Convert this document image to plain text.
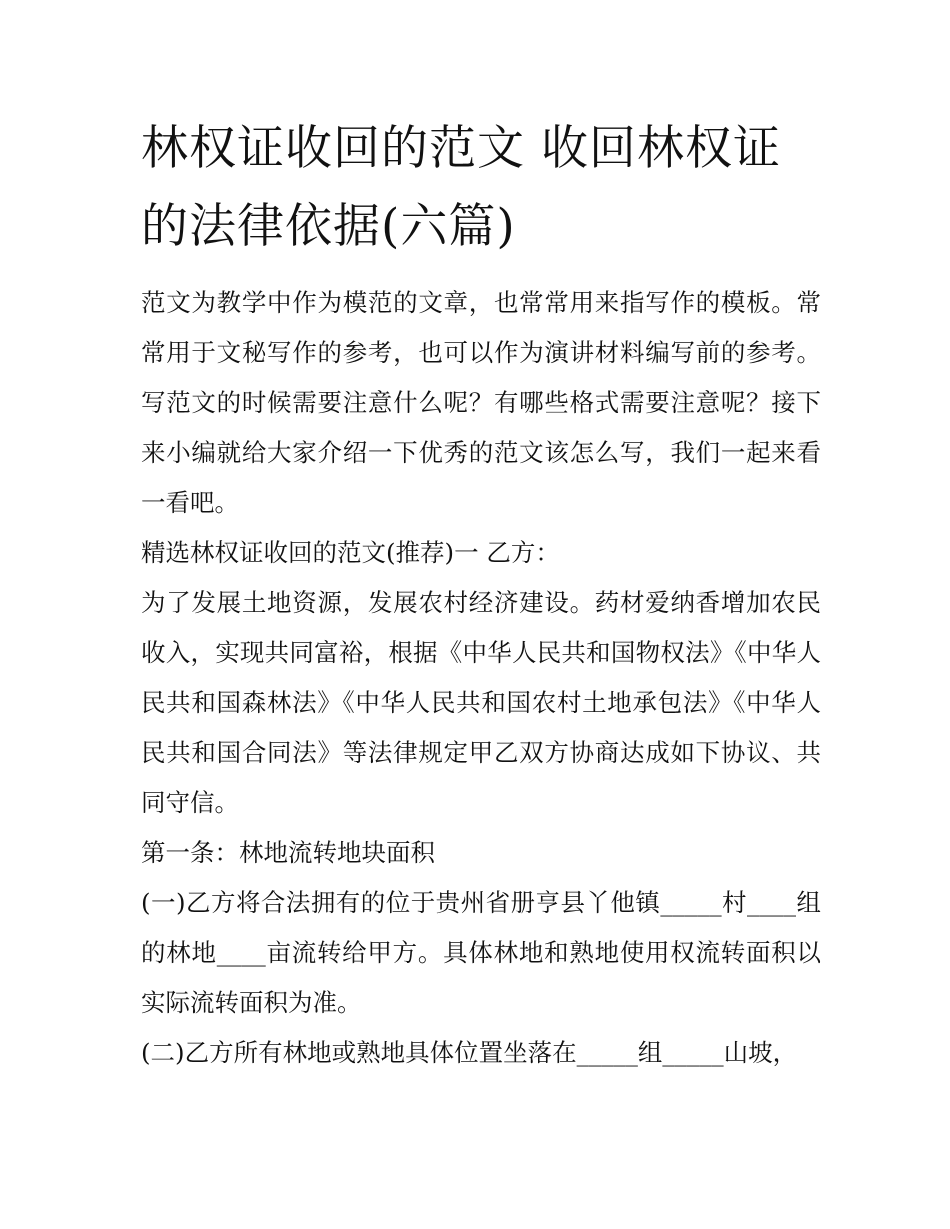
林权证收回的范文 收回林权证的法律依据(六篇)

范文为教学中作为模范的文章，也常常用来指写作的模板。常常用于文秘写作的参考，也可以作为演讲材料编写前的参考。写范文的时候需要注意什么呢？有哪些格式需要注意呢？接下来小编就给大家介绍一下优秀的范文该怎么写，我们一起来看一看吧。

精选林权证收回的范文(推荐)一 乙方：

为了发展土地资源，发展农村经济建设。药材爱纳香增加农民收入，实现共同富裕，根据《中华人民共和国物权法》《中华人民共和国森林法》《中华人民共和国农村土地承包法》《中华人民共和国合同法》等法律规定甲乙双方协商达成如下协议、共同守信。

第一条：林地流转地块面积

(一)乙方将合法拥有的位于贵州省册亨县丫他镇_____村____组的林地____亩流转给甲方。具体林地和熟地使用权流转面积以实际流转面积为准。

(二)乙方所有林地或熟地具体位置坐落在_____组_____山坡，
